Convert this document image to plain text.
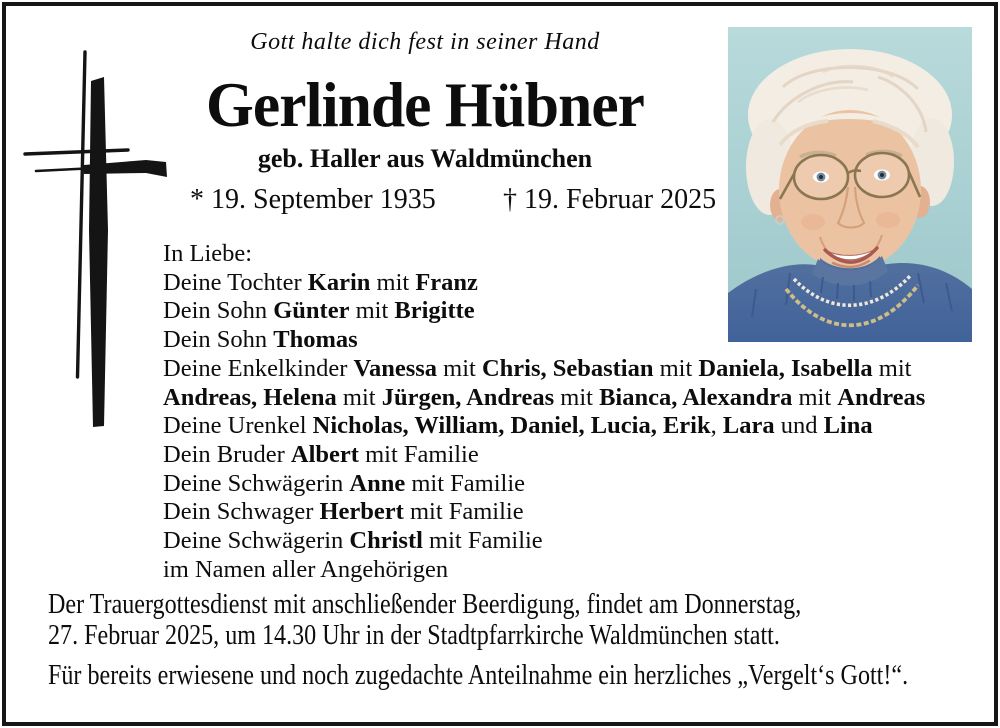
Gott halte dich fest in seiner Hand
Gerlinde Hübner
geb. Haller aus Waldmünchen
* 19. September 1935 † 19. Februar 2025
In Liebe:
Deine Tochter Karin mit Franz
Dein Sohn Günter mit Brigitte
Dein Sohn Thomas
Deine Enkelkinder Vanessa mit Chris, Sebastian mit Daniela, Isabella mit
Andreas, Helena mit Jürgen, Andreas mit Bianca, Alexandra mit Andreas
Deine Urenkel Nicholas, William, Daniel, Lucia, Erik, Lara und Lina
Dein Bruder Albert mit Familie
Deine Schwägerin Anne mit Familie
Dein Schwager Herbert mit Familie
Deine Schwägerin Christl mit Familie
im Namen aller Angehörigen
Der Trauergottesdienst mit anschließender Beerdigung, findet am Donnerstag,
27. Februar 2025, um 14.30 Uhr in der Stadtpfarrkirche Waldmünchen statt.
Für bereits erwiesene und noch zugedachte Anteilnahme ein herzliches „Vergelt‘s Gott!“.
